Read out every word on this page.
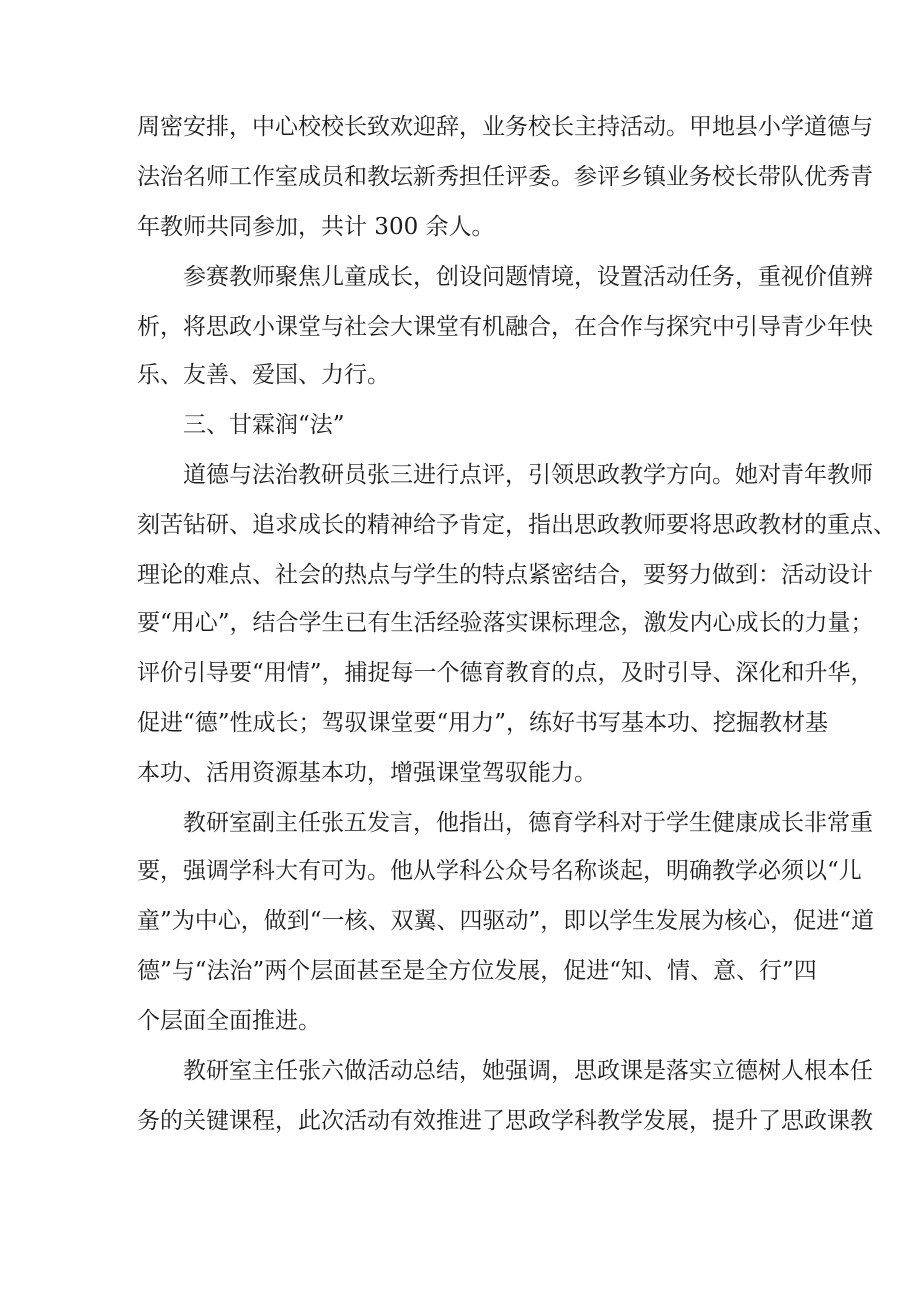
周密安排，中心校校长致欢迎辞，业务校长主持活动。甲地县小学道德与

法治名师工作室成员和教坛新秀担任评委。参评乡镇业务校长带队优秀青

年教师共同参加，共计 300 余人。

参赛教师聚焦儿童成长，创设问题情境，设置活动任务，重视价值辨

析，将思政小课堂与社会大课堂有机融合，在合作与探究中引导青少年快

乐、友善、爱国、力行。

三、甘霖润“法”

道德与法治教研员张三进行点评，引领思政教学方向。她对青年教师

刻苦钻研、追求成长的精神给予肯定，指出思政教师要将思政教材的重点、

理论的难点、社会的热点与学生的特点紧密结合，要努力做到：活动设计

要“用心”，结合学生已有生活经验落实课标理念，激发内心成长的力量；

评价引导要“用情”，捕捉每一个德育教育的点，及时引导、深化和升华，

促进“德”性成长；驾驭课堂要“用力”，练好书写基本功、挖掘教材基

本功、活用资源基本功，增强课堂驾驭能力。

教研室副主任张五发言，他指出，德育学科对于学生健康成长非常重

要，强调学科大有可为。他从学科公众号名称谈起，明确教学必须以“儿

童”为中心，做到“一核、双翼、四驱动”，即以学生发展为核心，促进“道

德”与“法治”两个层面甚至是全方位发展，促进“知、情、意、行”四

个层面全面推进。

教研室主任张六做活动总结，她强调，思政课是落实立德树人根本任

务的关键课程，此次活动有效推进了思政学科教学发展，提升了思政课教
